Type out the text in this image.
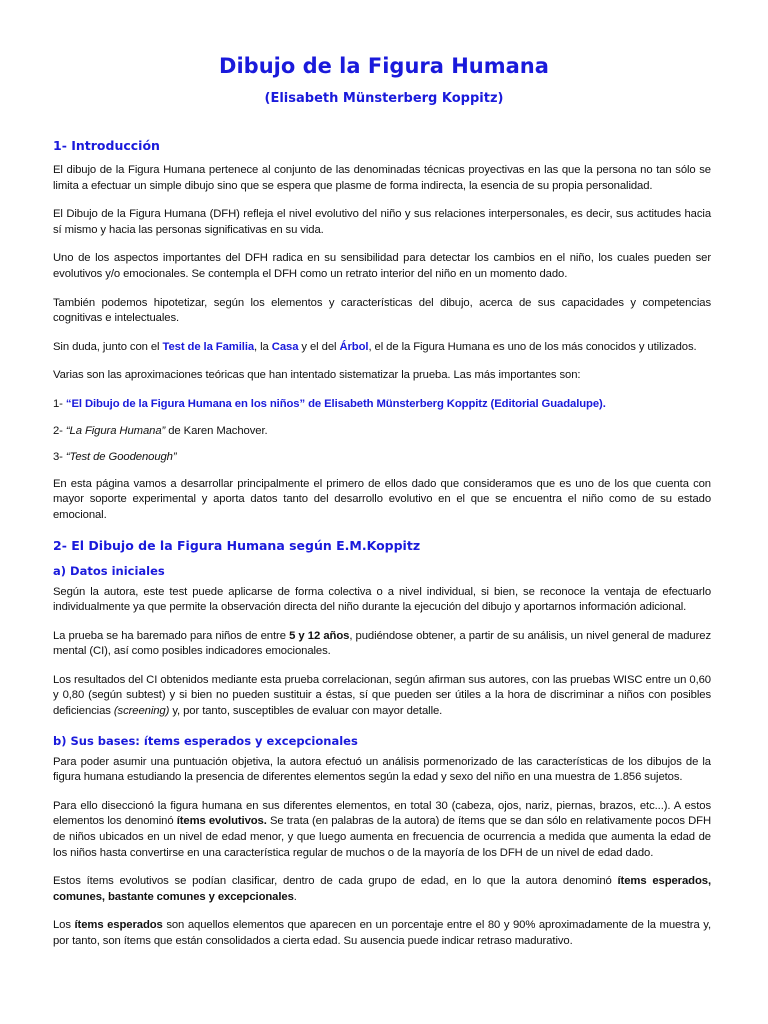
Dibujo de la Figura Humana
(Elisabeth Münsterberg Koppitz)
1- Introducción

El dibujo de la Figura Humana pertenece al conjunto de las denominadas técnicas proyectivas en las que la persona no tan sólo se limita a efectuar un simple dibujo sino que se espera que plasme de forma indirecta, la esencia de su propia personalidad.

El Dibujo de la Figura Humana (DFH) refleja el nivel evolutivo del niño y sus relaciones interpersonales, es decir, sus actitudes hacia sí mismo y hacia las personas significativas en su vida.

Uno de los aspectos importantes del DFH radica en su sensibilidad para detectar los cambios en el niño, los cuales pueden ser evolutivos y/o emocionales. Se contempla el DFH como un retrato interior del niño en un momento dado.

También podemos hipotetizar, según los elementos y características del dibujo, acerca de sus capacidades y competencias cognitivas e intelectuales.

Sin duda, junto con el Test de la Familia, la Casa y el del Árbol, el de la Figura Humana es uno de los más conocidos y utilizados.

Varias son las aproximaciones teóricas que han intentado sistematizar la prueba. Las más importantes son:

1- “El Dibujo de la Figura Humana en los niños” de Elisabeth Münsterberg Koppitz (Editorial Guadalupe).

2- “La Figura Humana” de Karen Machover.

3- “Test de Goodenough”

En esta página vamos a desarrollar principalmente el primero de ellos dado que consideramos que es uno de los que cuenta con mayor soporte experimental y aporta datos tanto del desarrollo evolutivo en el que se encuentra el niño como de su estado emocional.

2- El Dibujo de la Figura Humana según E.M.Koppitz
a) Datos iniciales

Según la autora, este test puede aplicarse de forma colectiva o a nivel individual, si bien, se reconoce la ventaja de efectuarlo individualmente ya que permite la observación directa del niño durante la ejecución del dibujo y aportarnos información adicional.

La prueba se ha baremado para niños de entre 5 y 12 años, pudiéndose obtener, a partir de su análisis, un nivel general de madurez mental (CI), así como posibles indicadores emocionales.

Los resultados del CI obtenidos mediante esta prueba correlacionan, según afirman sus autores, con las pruebas WISC entre un 0,60 y 0,80 (según subtest) y si bien no pueden sustituir a éstas, sí que pueden ser útiles a la hora de discriminar a niños con posibles deficiencias (screening) y, por tanto, susceptibles de evaluar con mayor detalle.

b) Sus bases: ítems esperados y excepcionales

Para poder asumir una puntuación objetiva, la autora efectuó un análisis pormenorizado de las características de los dibujos de la figura humana estudiando la presencia de diferentes elementos según la edad y sexo del niño en una muestra de 1.856 sujetos.

Para ello diseccionó la figura humana en sus diferentes elementos, en total 30 (cabeza, ojos, nariz, piernas, brazos, etc...). A estos elementos los denominó ítems evolutivos. Se trata (en palabras de la autora) de ítems que se dan sólo en relativamente pocos DFH de niños ubicados en un nivel de edad menor, y que luego aumenta en frecuencia de ocurrencia a medida que aumenta la edad de los niños hasta convertirse en una característica regular de muchos o de la mayoría de los DFH de un nivel de edad dado.

Estos ítems evolutivos se podían clasificar, dentro de cada grupo de edad, en lo que la autora denominó ítems esperados, comunes, bastante comunes y excepcionales.

Los ítems esperados son aquellos elementos que aparecen en un porcentaje entre el 80 y 90% aproximadamente de la muestra y, por tanto, son ítems que están consolidados a cierta edad. Su ausencia puede indicar retraso madurativo.
